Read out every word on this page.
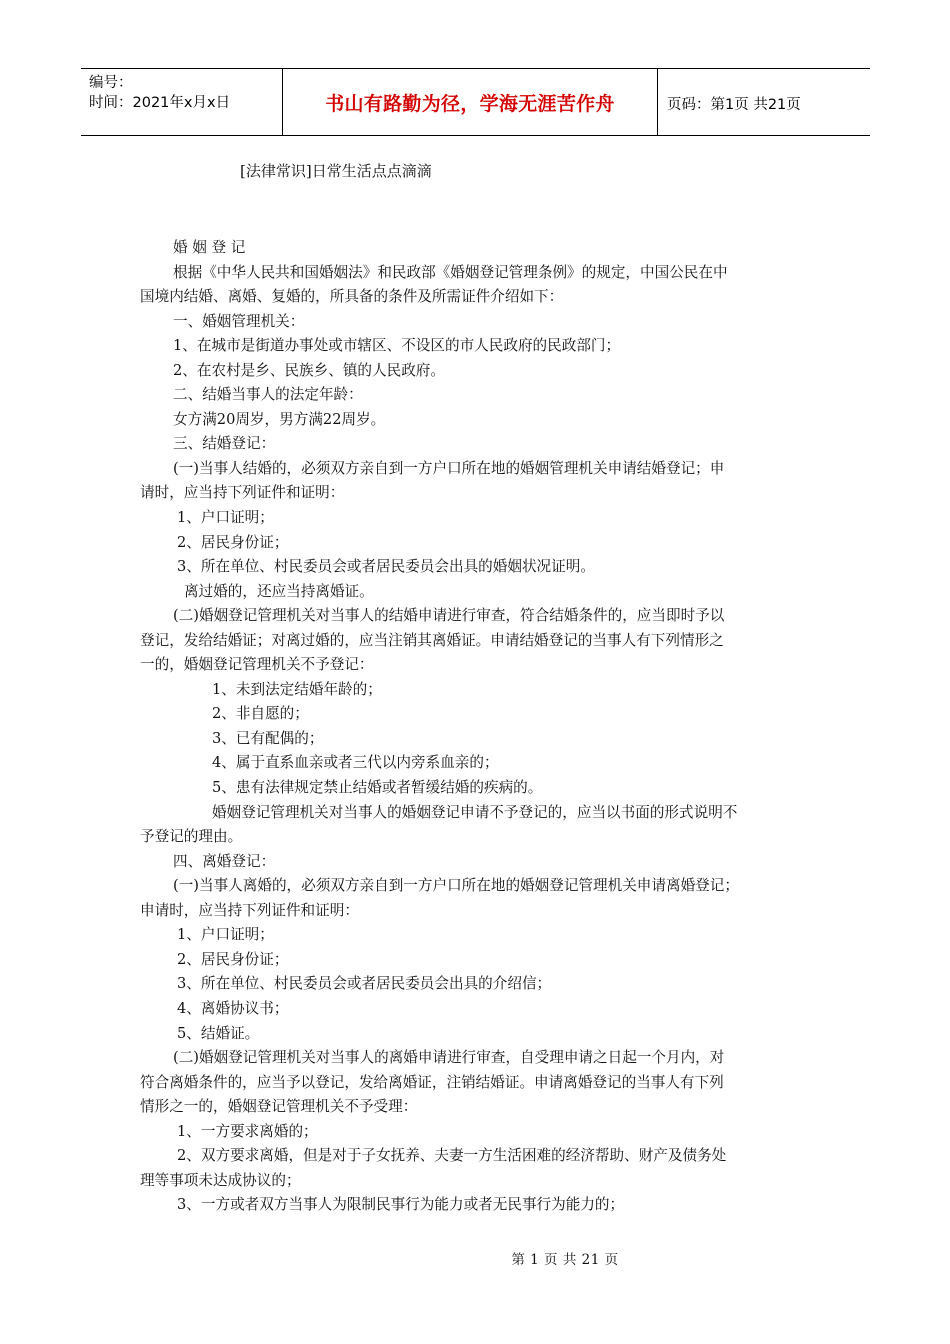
编号：
时间：2021年x月x日	书山有路勤为径，学海无涯苦作舟	页码：第1页 共21页
[法律常识]日常生活点点滴滴

婚 姻 登 记

根据《中华人民共和国婚姻法》和民政部《婚姻登记管理条例》的规定，中国公民在中

国境内结婚、离婚、复婚的，所具备的条件及所需证件介绍如下：

一、婚姻管理机关：

1、在城市是街道办事处或市辖区、不设区的市人民政府的民政部门；

2、在农村是乡、民族乡、镇的人民政府。

二、结婚当事人的法定年龄：

女方满20周岁，男方满22周岁。

三、结婚登记：

(一)当事人结婚的，必须双方亲自到一方户口所在地的婚姻管理机关申请结婚登记；申

请时，应当持下列证件和证明：

1、户口证明；

2、居民身份证；

3、所在单位、村民委员会或者居民委员会出具的婚姻状况证明。

离过婚的，还应当持离婚证。

(二)婚姻登记管理机关对当事人的结婚申请进行审查，符合结婚条件的，应当即时予以

登记，发给结婚证；对离过婚的，应当注销其离婚证。申请结婚登记的当事人有下列情形之

一的，婚姻登记管理机关不予登记：

1、未到法定结婚年龄的；

2、非自愿的；

3、已有配偶的；

4、属于直系血亲或者三代以内旁系血亲的；

5、患有法律规定禁止结婚或者暂缓结婚的疾病的。

婚姻登记管理机关对当事人的婚姻登记申请不予登记的，应当以书面的形式说明不

予登记的理由。

四、离婚登记：

(一)当事人离婚的，必须双方亲自到一方户口所在地的婚姻登记管理机关申请离婚登记；

申请时，应当持下列证件和证明：

1、户口证明；

2、居民身份证；

3、所在单位、村民委员会或者居民委员会出具的介绍信；

4、离婚协议书；

5、结婚证。

(二)婚姻登记管理机关对当事人的离婚申请进行审查，自受理申请之日起一个月内，对

符合离婚条件的，应当予以登记，发给离婚证，注销结婚证。申请离婚登记的当事人有下列

情形之一的，婚姻登记管理机关不予受理：

1、一方要求离婚的；

2、双方要求离婚，但是对于子女抚养、夫妻一方生活困难的经济帮助、财产及债务处

理等事项未达成协议的；

3、一方或者双方当事人为限制民事行为能力或者无民事行为能力的；

第 1 页 共 21 页
